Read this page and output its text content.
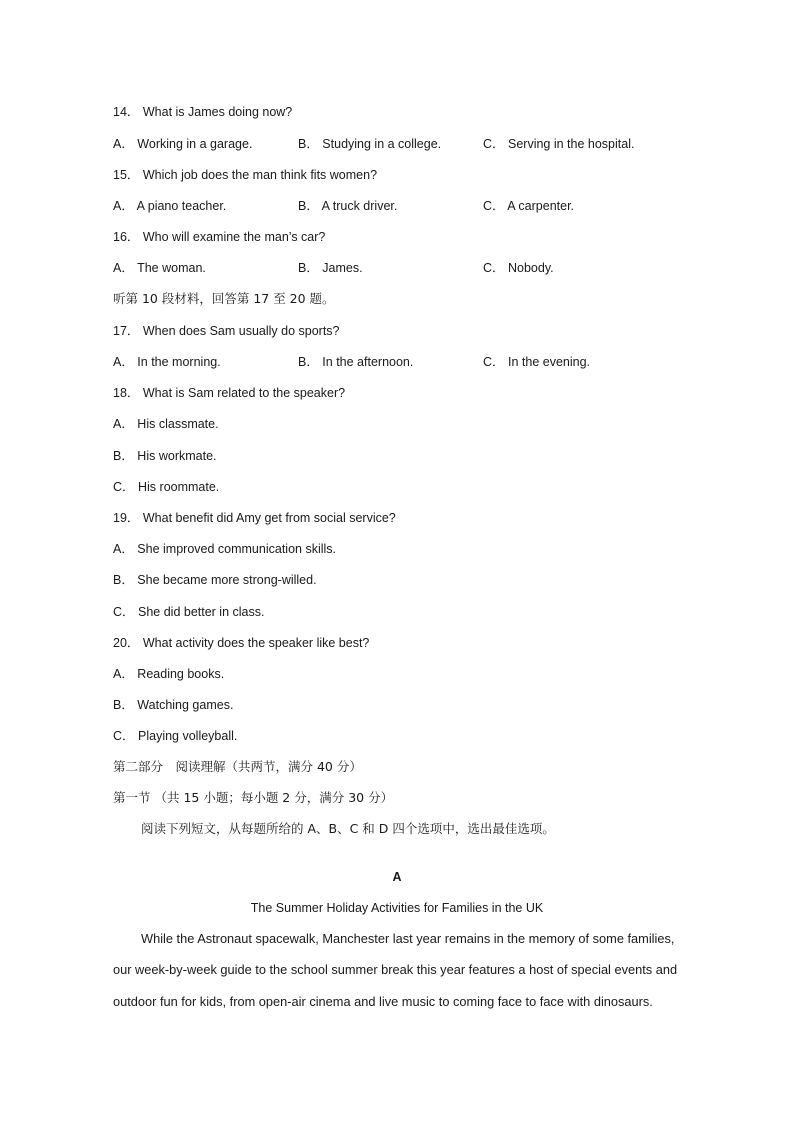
14． What is James doing now?
A． Working in a garage.	B． Studying in a college.	C． Serving in the hospital.
15． Which job does the man think fits women?
A． A piano teacher.	B． A truck driver.	C． A carpenter.
16． Who will examine the man’s car?
A． The woman.	B． James.	C． Nobody.
听第 10 段材料，回答第 17 至 20 题。
17． When does Sam usually do sports?
A． In the morning.	B． In the afternoon.	C． In the evening.
18． What is Sam related to the speaker?
A． His classmate.
B． His workmate.
C． His roommate.
19． What benefit did Amy get from social service?
A． She improved communication skills.
B． She became more strong-willed.
C． She did better in class.
20． What activity does the speaker like best?
A． Reading books.
B． Watching games.
C． Playing volleyball.
第二部分　阅读理解（共两节，满分 40 分）
第一节 （共 15 小题；每小题 2 分，满分 30 分）
阅读下列短文，从每题所给的 A、B、C 和 D 四个选项中，选出最佳选项。
A
The Summer Holiday Activities for Families in the UK
While the Astronaut spacewalk, Manchester last year remains in the memory of some families,
our week-by-week guide to the school summer break this year features a host of special events and
outdoor fun for kids, from open-air cinema and live music to coming face to face with dinosaurs.
